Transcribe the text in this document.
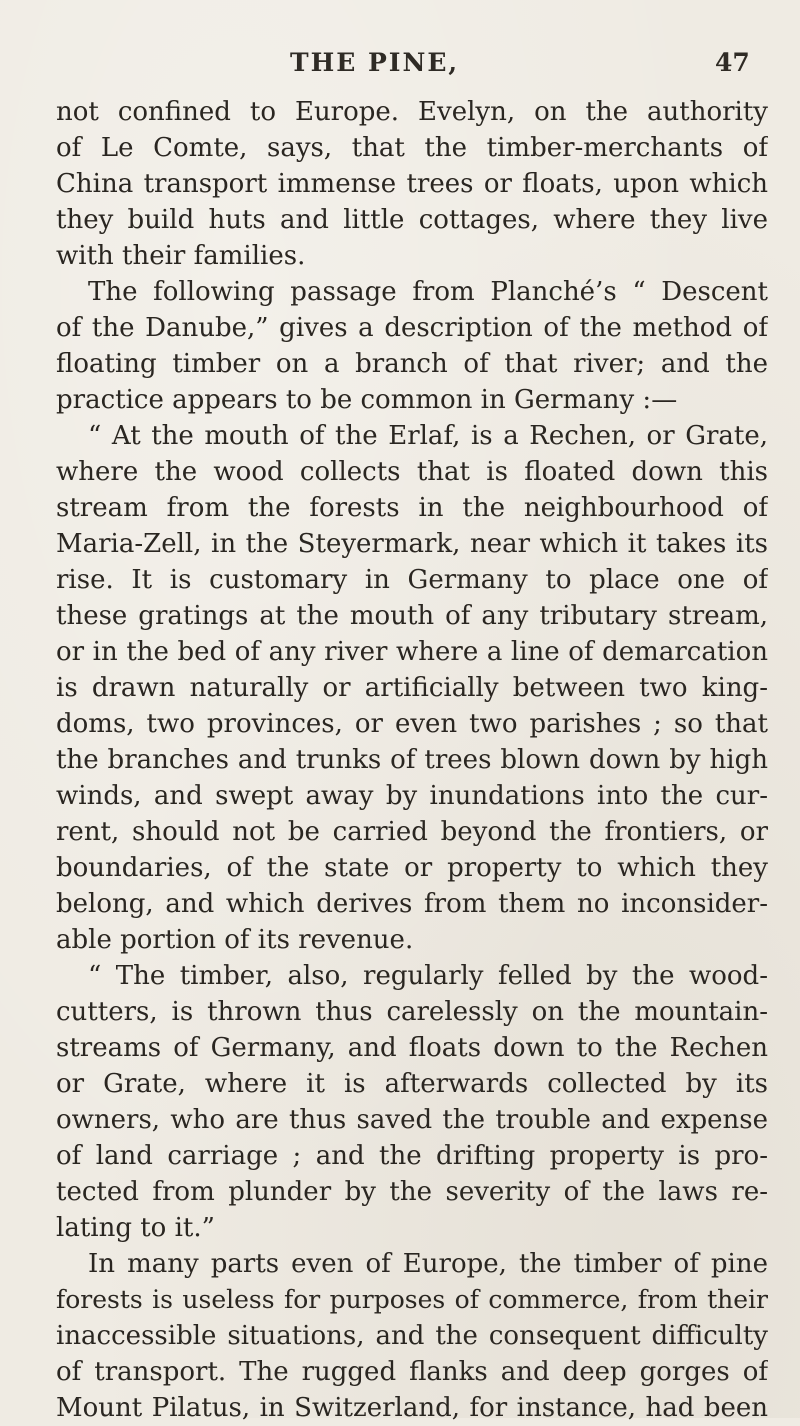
THE PINE,	47
not confined to Europe. Evelyn, on the authority
of Le Comte, says, that the timber-merchants of
China transport immense trees or floats, upon which
they build huts and little cottages, where they live
with their families.
The following passage from Planché’s “ Descent
of the Danube,” gives a description of the method of
floating timber on a branch of that river; and the
practice appears to be common in Germany :—
“ At the mouth of the Erlaf, is a Rechen, or Grate,
where the wood collects that is floated down this
stream from the forests in the neighbourhood of
Maria-Zell, in the Steyermark, near which it takes its
rise. It is customary in Germany to place one of
these gratings at the mouth of any tributary stream,
or in the bed of any river where a line of demarcation
is drawn naturally or artificially between two king-
doms, two provinces, or even two parishes ; so that
the branches and trunks of trees blown down by high
winds, and swept away by inundations into the cur-
rent, should not be carried beyond the frontiers, or
boundaries, of the state or property to which they
belong, and which derives from them no inconsider-
able portion of its revenue.
“ The timber, also, regularly felled by the wood-
cutters, is thrown thus carelessly on the mountain-
streams of Germany, and floats down to the Rechen
or Grate, where it is afterwards collected by its
owners, who are thus saved the trouble and expense
of land carriage ; and the drifting property is pro-
tected from plunder by the severity of the laws re-
lating to it.”
In many parts even of Europe, the timber of pine
forests is useless for purposes of commerce, from their
inaccessible situations, and the consequent difficulty
of transport. The rugged flanks and deep gorges of
Mount Pilatus, in Switzerland, for instance, had been
